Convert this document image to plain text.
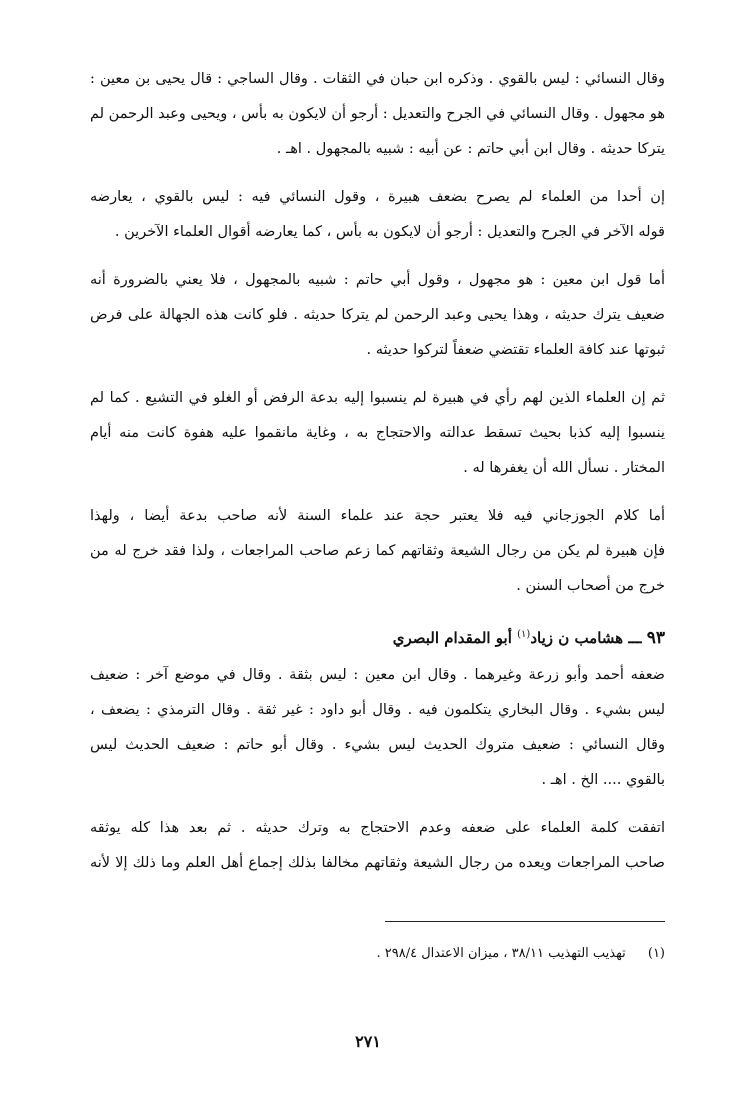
وقال النسائي : ليس بالقوي . وذكره ابن حبان في الثقات . وقال الساجي : قال يحيى بن معين :
هو مجهول . وقال النسائي في الجرح والتعديل : أرجو أن لايكون به بأس ، ويحيى وعبد الرحمن لم
يتركا حديثه . وقال ابن أبي حاتم : عن أبيه : شبيه بالمجهول . اهـ .
إن أحدا من العلماء لم يصرح بضعف هبيرة ، وقول النسائي فيه : ليس بالقوي ، يعارضه
قوله الآخر في الجرح والتعديل : أرجو أن لايكون به بأس ، كما يعارضه أقوال العلماء الآخرين .
أما قول ابن معين : هو مجهول ، وقول أبي حاتم : شبيه بالمجهول ، فلا يعني بالضرورة أنه
ضعيف يترك حديثه ، وهذا يحيى وعبد الرحمن لم يتركا حديثه . فلو كانت هذه الجهالة على فرض
ثبوتها عند كافة العلماء تقتضي ضعفاً لتركوا حديثه .
ثم إن العلماء الذين لهم رأي في هبيرة لم ينسبوا إليه بدعة الرفض أو الغلو في التشيع . كما لم
ينسبوا إليه كذبا بحيث تسقط عدالته والاحتجاج به ، وغاية مانقموا عليه هفوة كانت منه أيام
المختار . نسأل الله أن يغفرها له .
أما كلام الجوزجاني فيه فلا يعتبر حجة عند علماء السنة لأنه صاحب بدعة أيضا ، ولهذا
فإن هبيرة لم يكن من رجال الشيعة وثقاتهم كما زعم صاحب المراجعات ، ولذا فقد خرج له من
خرج من أصحاب السنن .
٩٣ ـــ هشامب ن زياد$^{(١)}$ أبو المقدام البصري
ضعفه أحمد وأبو زرعة وغيرهما . وقال ابن معين : ليس بثقة . وقال في موضع آخر : ضعيف
ليس بشيء . وقال البخاري يتكلمون فيه . وقال أبو داود : غير ثقة . وقال الترمذي : يضعف ،
وقال النسائي : ضعيف متروك الحديث ليس بشيء . وقال أبو حاتم : ضعيف الحديث ليس
بالقوي .... الخ . اهـ .
اتفقت كلمة العلماء على ضعفه وعدم الاحتجاج به وترك حديثه . ثم بعد هذا كله يوثقه
صاحب المراجعات ويعده من رجال الشيعة وثقاتهم مخالفا بذلك إجماع أهل العلم وما ذلك إلا لأنه
(١) تهذيب التهذيب ٣٨/١١ ، ميزان الاعتدال ٢٩٨/٤ .
٢٧١
